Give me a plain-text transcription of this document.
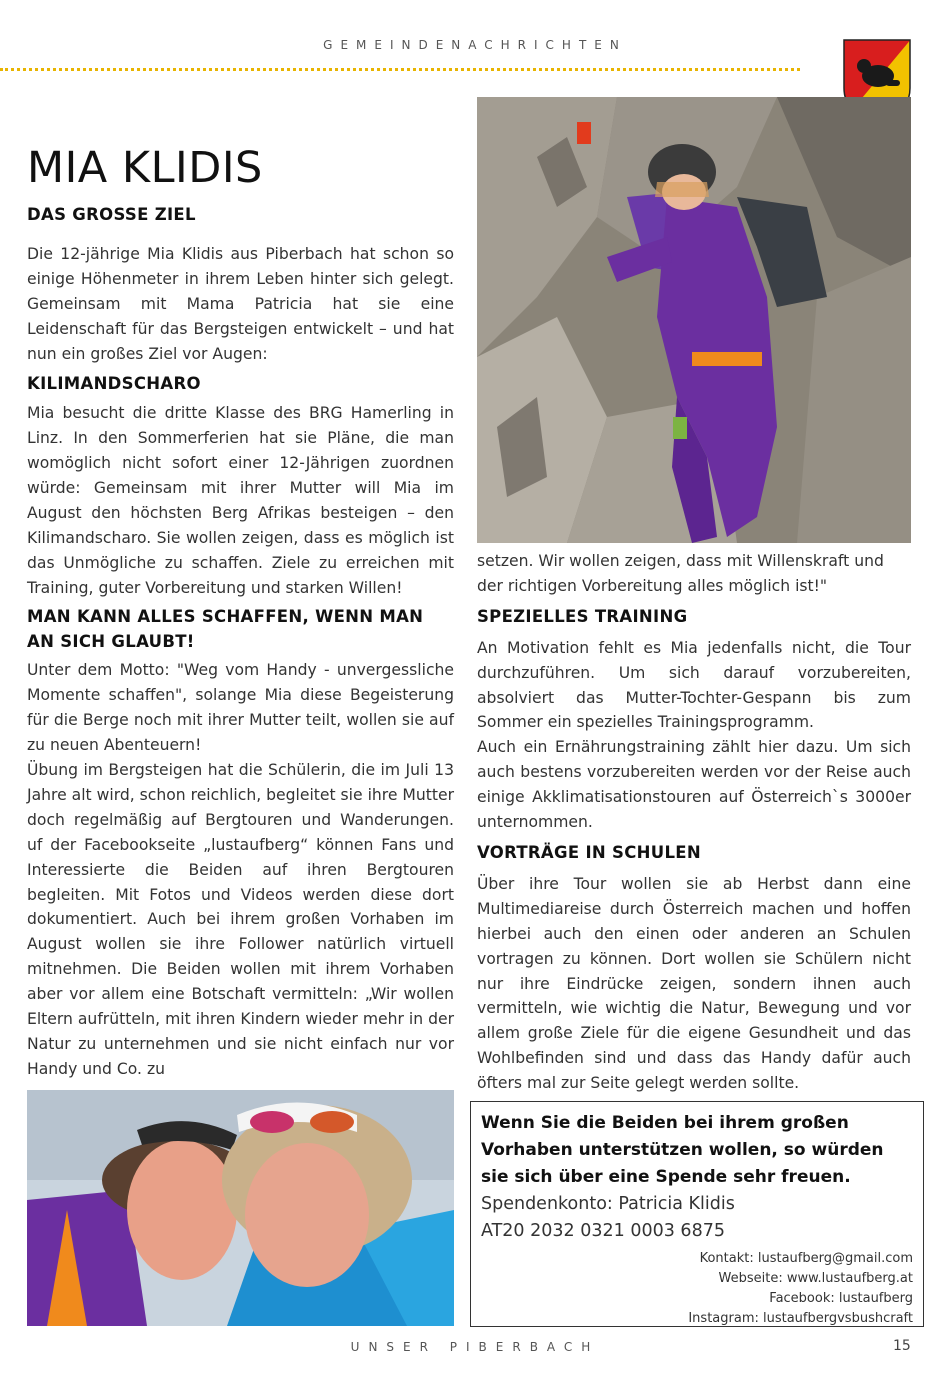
GEMEINDENACHRICHTEN
MIA KLIDIS
DAS GROSSE ZIEL

Die 12-jährige Mia Klidis aus Piberbach hat schon so einige Höhenmeter in ihrem Leben hinter sich gelegt. Gemeinsam mit Mama Patricia hat sie eine Leidenschaft für das Bergsteigen entwickelt – und hat nun ein großes Ziel vor Augen:

KILIMANDSCHARO

Mia besucht die dritte Klasse des BRG Hamerling in Linz. In den Sommerferien hat sie Pläne, die man womöglich nicht sofort einer 12-Jährigen zuordnen würde: Gemeinsam mit ihrer Mutter will Mia im August den höchsten Berg Afrikas besteigen – den Kilimandscharo. Sie wollen zeigen, dass es möglich ist das Unmögliche zu schaffen. Ziele zu erreichen mit Training, guter Vorbereitung und starken Willen!

MAN KANN ALLES SCHAFFEN, WENN MAN AN SICH GLAUBT!

Unter dem Motto: "Weg vom Handy - unvergessliche Momente schaffen", solange Mia diese Begeisterung für die Berge noch mit ihrer Mutter teilt, wollen sie auf zu neuen Abenteuern!

Übung im Bergsteigen hat die Schülerin, die im Juli 13 Jahre alt wird, schon reichlich, begleitet sie ihre Mutter doch regelmäßig auf Bergtouren und Wanderungen. uf der Facebookseite „lustaufberg“ können Fans und Interessierte die Beiden auf ihren Bergtouren begleiten. Mit Fotos und Videos werden diese dort dokumentiert. Auch bei ihrem großen Vorhaben im August wollen sie ihre Follower natürlich virtuell mitnehmen. Die Beiden wollen mit ihrem Vorhaben aber vor allem eine Botschaft vermitteln: „Wir wollen Eltern aufrütteln, mit ihren Kindern wieder mehr in der Natur zu unternehmen und sie nicht einfach nur vor Handy und Co. zu

setzen. Wir wollen zeigen, dass mit Willenskraft und der richtigen Vorbereitung alles möglich ist!"

SPEZIELLES TRAINING

An Motivation fehlt es Mia jedenfalls nicht, die Tour durchzuführen. Um sich darauf vorzubereiten, absolviert das Mutter-Tochter-Gespann bis zum Sommer ein spezielles Trainingsprogramm.

Auch ein Ernährungstraining zählt hier dazu. Um sich auch bestens vorzubereiten werden vor der Reise auch einige Akklimatisationstouren auf Österreich`s 3000er unternommen.

VORTRÄGE IN SCHULEN

Über ihre Tour wollen sie ab Herbst dann eine Multimediareise durch Österreich machen und hoffen hierbei auch den einen oder anderen an Schulen vortragen zu können. Dort wollen sie Schülern nicht nur ihre Eindrücke zeigen, sondern ihnen auch vermitteln, wie wichtig die Natur, Bewegung und vor allem große Ziele für die eigene Gesundheit und das Wohlbefinden sind und dass das Handy dafür auch öfters mal zur Seite gelegt werden sollte.

Wenn Sie die Beiden bei ihrem großen Vorhaben unterstützen wollen, so würden sie sich über eine Spende sehr freuen.
Spendenkonto: Patricia Klidis
AT20 2032 0321 0003 6875
Kontakt: lustaufberg@gmail.com
Webseite: www.lustaufberg.at
Facebook: lustaufberg
Instagram: lustaufbergvsbushcraft
UNSER PIBERBACH	15
